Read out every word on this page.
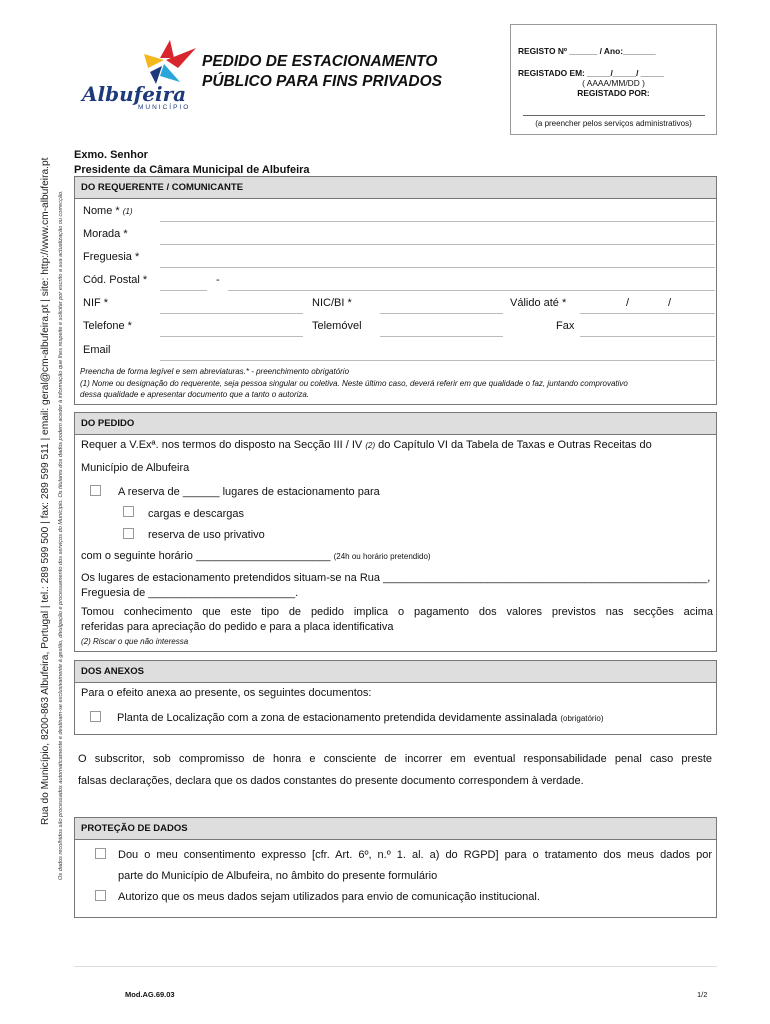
Rua do Município, 8200-863 Albufeira, Portugal | tel.: 289 599 500 | fax: 289 599 511 | email: geral@cm-albufeira.pt | site: http://www.cm-albufeira.pt Os dados recolhidos são processados automaticamente e destinam-se exclusivamente à gestão, divulgação e processamento dos serviços do Município. Os titulares dos dados podem aceder à informação que lhes respeite e solicitar por escrito a sua actualização ou correcção.
Albufeira
MUNICÍPIO
PEDIDO DE ESTACIONAMENTO
PÚBLICO PARA FINS PRIVADOS
REGISTO Nº ______ / Ano:_______
REGISTADO EM: _____/_____/ _____
( AAAA/MM/DD )
REGISTADO POR:
(a preencher pelos serviços administrativos)
Exmo. Senhor
Presidente da Câmara Municipal de Albufeira
DO REQUERENTE / COMUNICANTE
Nome * (1)
Morada *
Freguesia *
Cód. Postal *	-
NIF *	NIC/BI *	Válido até *	/	/
Telefone *	Telemóvel	Fax
Email
Preencha de forma legível e sem abreviaturas.* - preenchimento obrigatório
(1) Nome ou designação do requerente, seja pessoa singular ou coletiva. Neste último caso, deverá referir em que qualidade o faz, juntando comprovativo
dessa qualidade e apresentar documento que a tanto o autoriza.
DO PEDIDO
Requer a V.Exª. nos termos do disposto na Secção III / IV (2) do Capítulo VI da Tabela de Taxas e Outras Receitas do
Município de Albufeira
A reserva de ______ lugares de estacionamento para
cargas e descargas
reserva de uso privativo
com o seguinte horário ______________________ (24h ou horário pretendido)
Os lugares de estacionamento pretendidos situam-se na Rua _____________________________________________________,
Freguesia de ________________________.
Tomou conhecimento que este tipo de pedido implica o pagamento dos valores previstos nas secções acima
referidas para apreciação do pedido e para a placa identificativa
(2) Riscar o que não interessa
DOS ANEXOS
Para o efeito anexa ao presente, os seguintes documentos:
Planta de Localização com a zona de estacionamento pretendida devidamente assinalada (obrigatório)
O subscritor, sob compromisso de honra e consciente de incorrer em eventual responsabilidade penal caso preste
falsas declarações, declara que os dados constantes do presente documento correspondem à verdade.
PROTEÇÃO DE DADOS
Dou o meu consentimento expresso [cfr. Art. 6º, n.º 1. al. a) do RGPD] para o tratamento dos meus dados por
parte do Município de Albufeira, no âmbito do presente formulário
Autorizo que os meus dados sejam utilizados para envio de comunicação institucional.
Mod.AG.69.03	1/2
